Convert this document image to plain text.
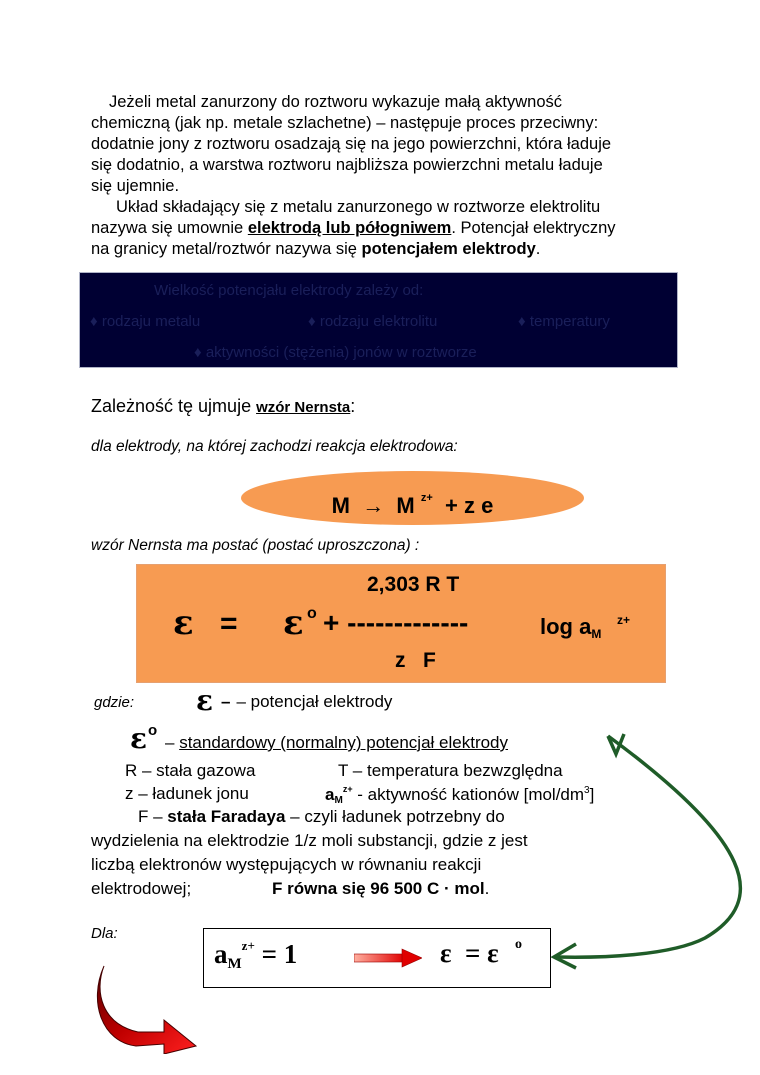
Jeżeli metal zanurzony do roztworu wykazuje małą aktywność
chemiczną (jak np. metale szlachetne) – następuje proces przeciwny:
dodatnie jony z roztworu osadzają się na jego powierzchni, która ładuje
się dodatnio, a warstwa roztworu najbliższa powierzchni metalu ładuje
się ujemnie.
Układ składający się z metalu zanurzonego w roztworze elektrolitu
nazywa się umownie elektrodą lub półogniwem. Potencjał elektryczny
na granicy metal/roztwór nazywa się potencjałem elektrody.
Wielkość potencjału elektrody zależy od:
♦ rodzaju metalu	♦ rodzaju elektrolitu	♦ temperatury
♦ aktywności (stężenia) jonów w roztworze
Zależność tę ujmuje wzór Nernsta:
dla elektrody, na której zachodzi reakcja elektrodowa:
M → M $^{z+}$ + z e
wzór Nernsta ma postać (postać uproszczona) :
2,303 R T
ε = ε o + -------------	log aM
z+
z   F
gdzie: ε – – potencjał elektrody
ε o
– standardowy (normalny) potencjał elektrody
R – stała gazowa	T – temperatura bezwzględna
z – ładunek jonu	$aM^{z+}$ - aktywność kationów $[mol/dm^3]$
F – stała Faradaya – czyli ładunek potrzebny do
wydzielenia na elektrodzie 1/z moli substancji, gdzie z jest
liczbą elektronów występujących w równaniu reakcji
elektrodowej;	F równa się 96 500 C · mol.
Dla:
$aM^{z+} = 1$	ε  = ε o
